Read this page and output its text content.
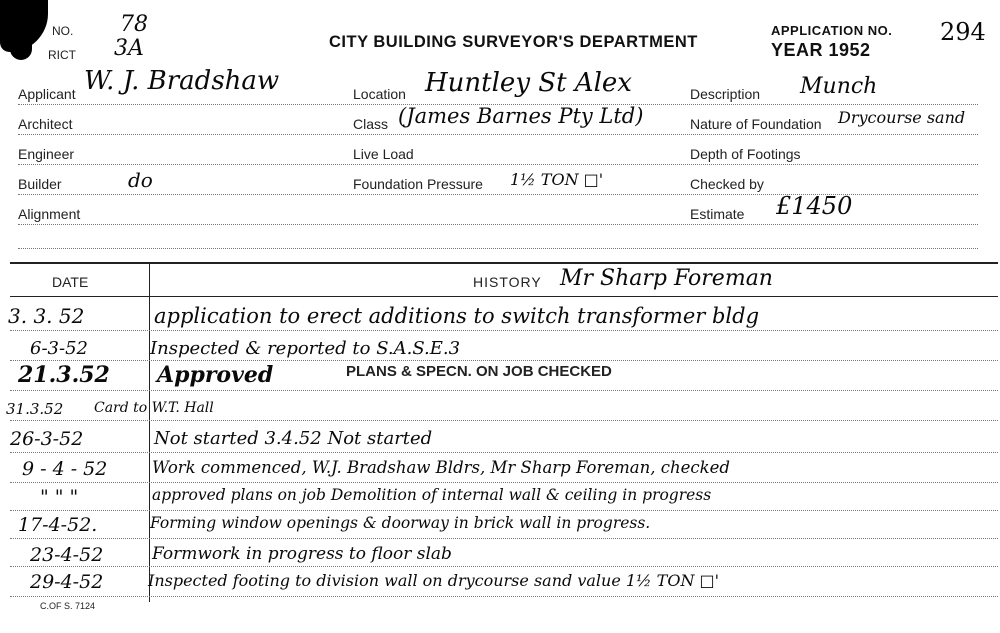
NO. 78
RICT 3A	CITY BUILDING SURVEYOR'S DEPARTMENT
APPLICATION NO. 294
YEAR 1952
Applicant W. J. Bradshaw	Location Huntley St Alex	Description Munch
Architect	Class (James Barnes Pty Ltd)	Nature of Foundation Drycourse sand
Engineer	Live Load	Depth of Footings
Builder	do	Foundation Pressure 1½ TON □'	Checked by
Alignment	Estimate £1450
DATE	HISTORY Mr Sharp Foreman
3. 3. 52	application to erect additions to switch transformer bldg
6-3-52	Inspected & reported to S.A.S.E.3
21.3.52 Approved	PLANS & SPECN. ON JOB CHECKED
31.3.52 Card to W.T. Hall
26-3-52	Not started 3.4.52 Not started
9 - 4 - 52	Work commenced, W.J. Bradshaw Bldrs, Mr Sharp Foreman, checked
" " "	approved plans on job Demolition of internal wall & ceiling in progress
17-4-52.	Forming window openings & doorway in brick wall in progress.
23-4-52	Formwork in progress to floor slab
29-4-52	Inspected footing to division wall on drycourse sand value 1½ TON □'
C.OF S. 7124
